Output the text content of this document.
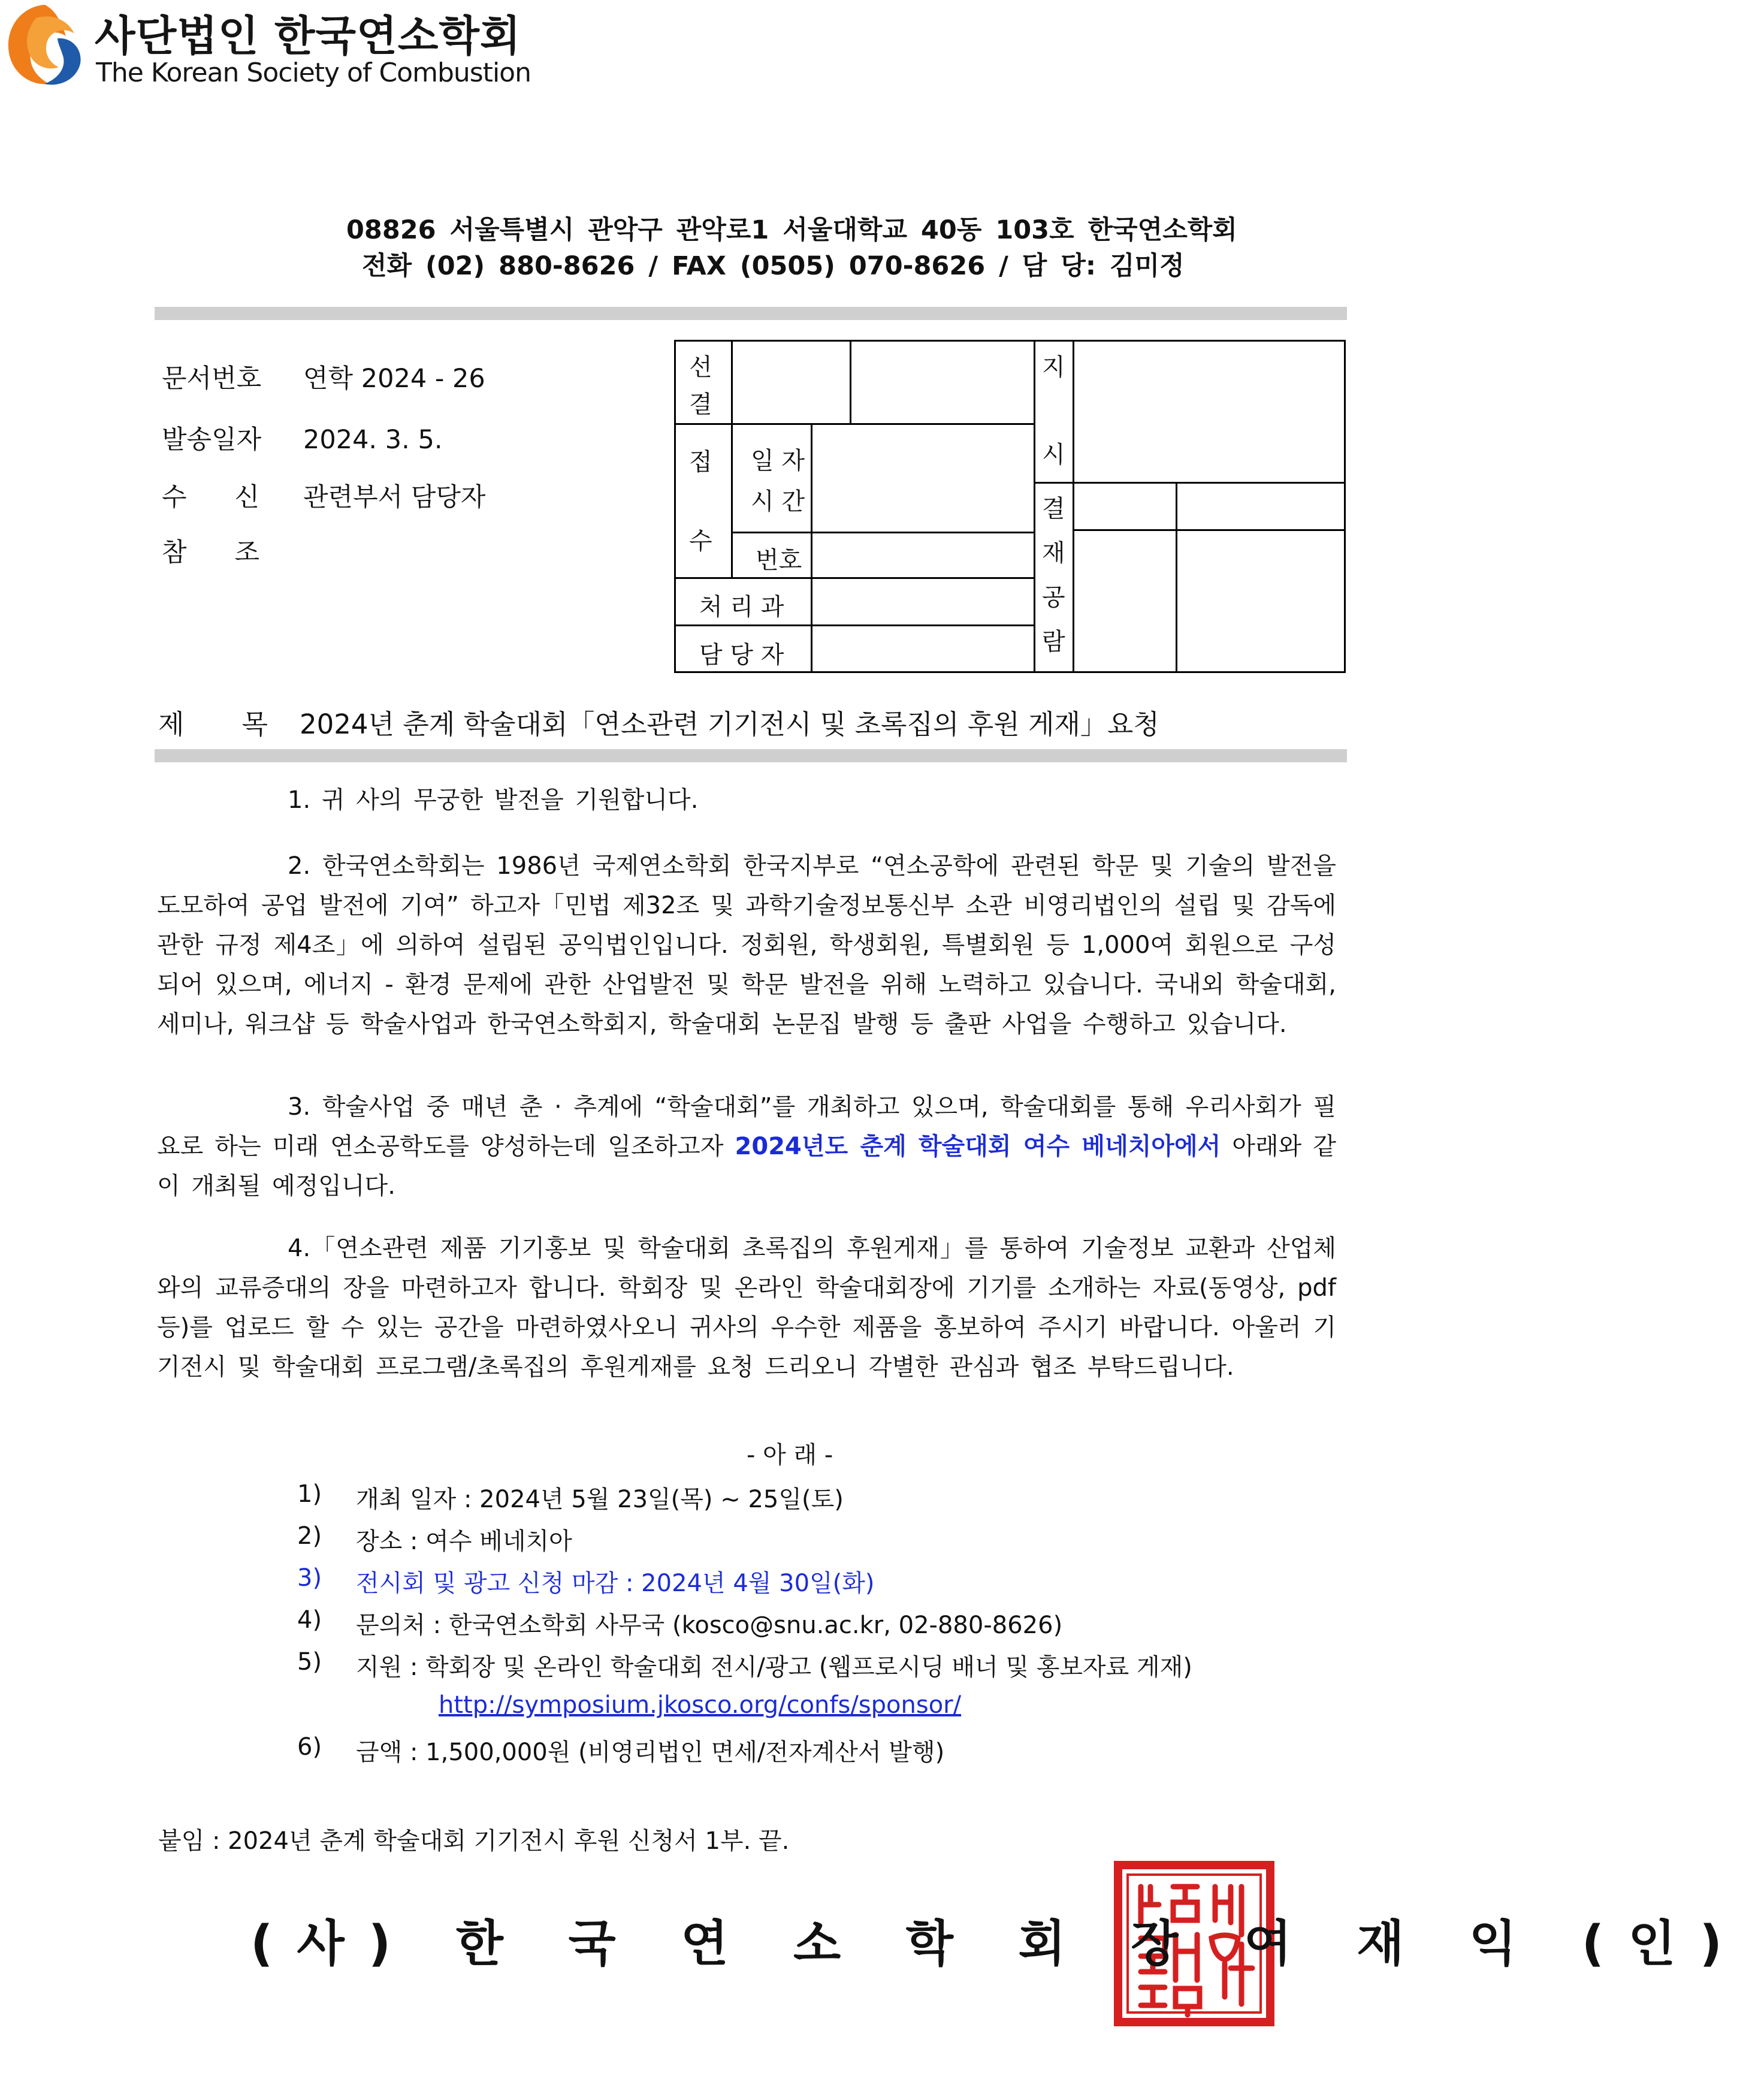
사단법인 한국연소학회
The Korean Society of Combustion
08826 서울특별시 관악구 관악로1 서울대학교 40동 103호 한국연소학회
전화 (02) 880-8626 / FAX (0505) 070-8626 / 담 당: 김미정
문서번호 연학 2024 - 26
발송일자 2024. 3. 5.
수신관련부서 담당자
참조
선
결
접
수
일 자
시 간
번호
처 리 과
담 당 자
지
시
결
재
공
람
제목2024년 춘계 학술대회「연소관련 기기전시 및 초록집의 후원 게재」요청
1. 귀 사의 무궁한 발전을 기원합니다.
2. 한국연소학회는 1986년 국제연소학회 한국지부로 “연소공학에 관련된 학문 및 기술의 발전을 도모하여 공업 발전에 기여” 하고자「민법 제32조 및 과학기술정보통신부 소관 비영리법인의 설립 및 감독에 관한 규정 제4조」에 의하여 설립된 공익법인입니다. 정회원, 학생회원, 특별회원 등 1,000여 회원으로 구성되어 있으며, 에너지 - 환경 문제에 관한 산업발전 및 학문 발전을 위해 노력하고 있습니다. 국내외 학술대회, 세미나, 워크샵 등 학술사업과 한국연소학회지, 학술대회 논문집 발행 등 출판 사업을 수행하고 있습니다.
3. 학술사업 중 매년 춘 · 추계에 “학술대회”를 개최하고 있으며, 학술대회를 통해 우리사회가 필요로 하는 미래 연소공학도를 양성하는데 일조하고자 2024년도 춘계 학술대회 여수 베네치아에서 아래와 같이 개최될 예정입니다.
4.「연소관련 제품 기기홍보 및 학술대회 초록집의 후원게재」를 통하여 기술정보 교환과 산업체와의 교류증대의 장을 마련하고자 합니다. 학회장 및 온라인 학술대회장에 기기를 소개하는 자료(동영상, pdf 등)를 업로드 할 수 있는 공간을 마련하였사오니 귀사의 우수한 제품을 홍보하여 주시기 바랍니다. 아울러 기기전시 및 학술대회 프로그램/초록집의 후원게재를 요청 드리오니 각별한 관심과 협조 부탁드립니다.
- 아 래 -
1) 개최 일자 : 2024년 5월 23일(목) ~ 25일(토)
2) 장소 : 여수 베네치아
3) 전시회 및 광고 신청 마감 : 2024년 4월 30일(화)
4) 문의처 : 한국연소학회 사무국 (kosco@snu.ac.kr, 02-880-8626)
5) 지원 : 학회장 및 온라인 학술대회 전시/광고 (웹프로시딩 배너 및 홍보자료 게재)
http://symposium.jkosco.org/confs/sponsor/
6) 금액 : 1,500,000원 (비영리법인 면세/전자계산서 발행)
붙임 : 2024년 춘계 학술대회 기기전시 후원 신청서 1부. 끝.
(사) 한 국 연 소 학 회 장 여 재 익 (인)
